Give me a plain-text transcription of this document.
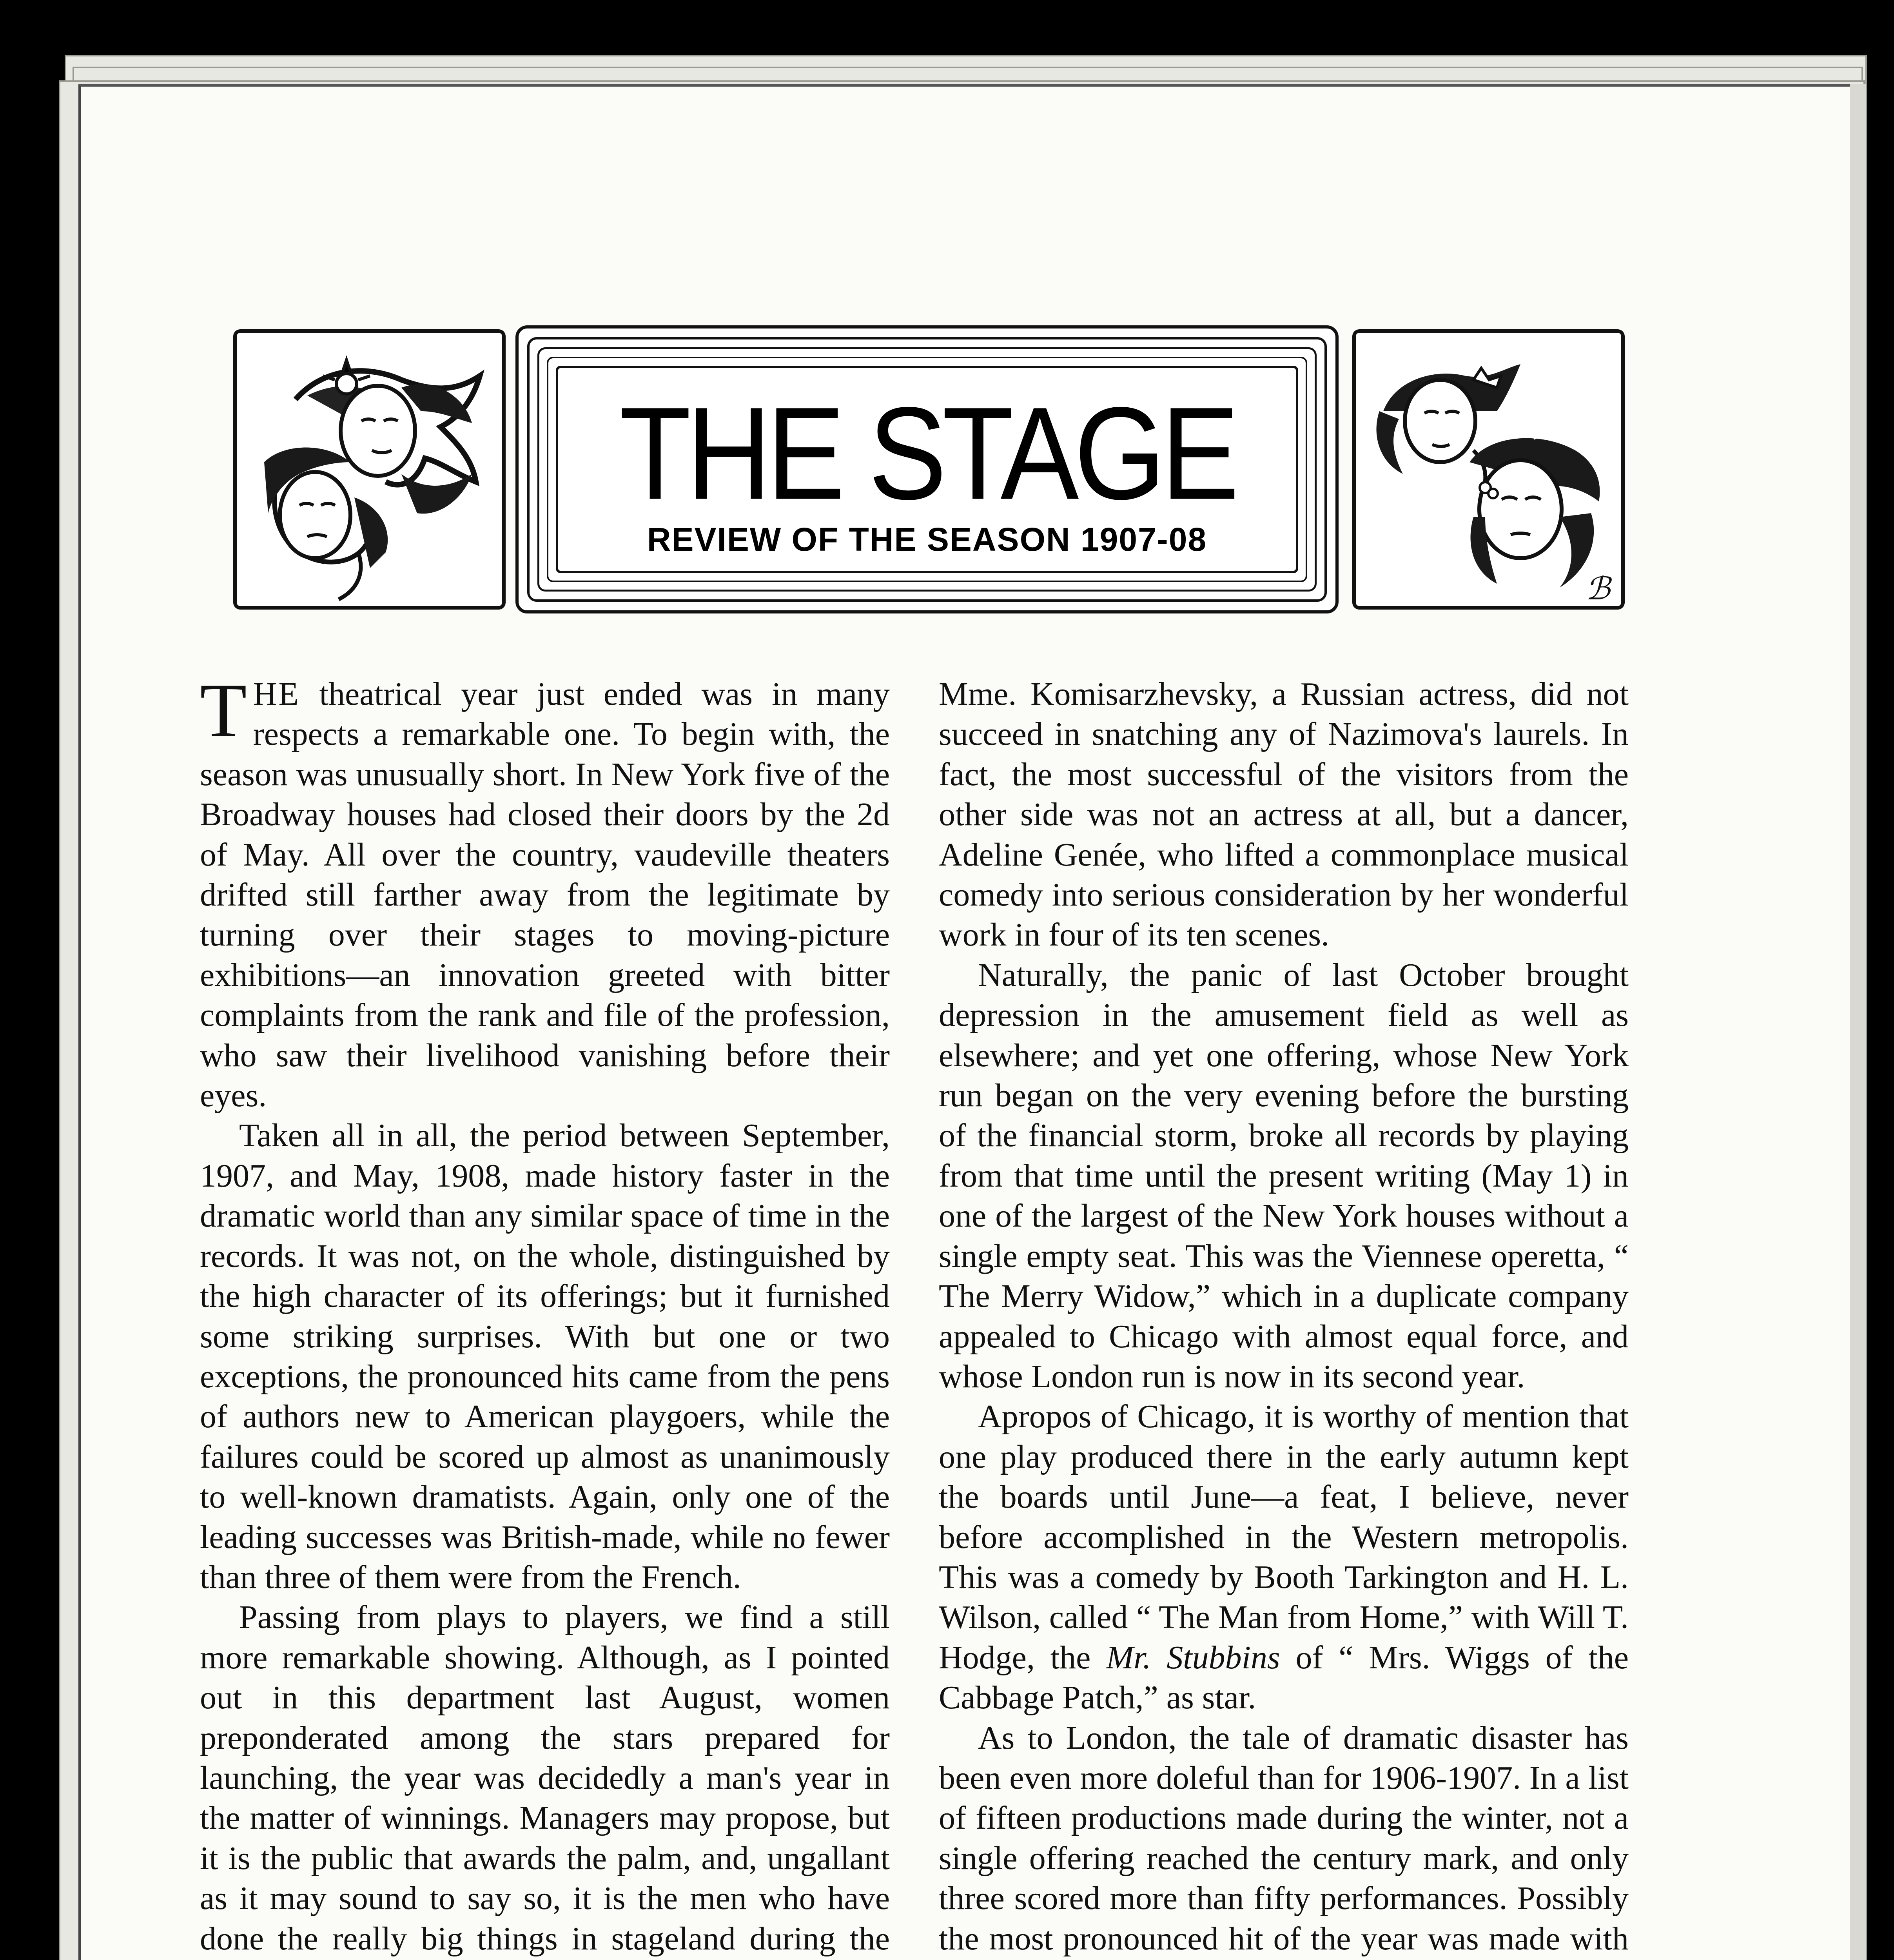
THE STAGE
REVIEW OF THE SEASON 1907-08
ℬ

THE theatrical year just ended was in many respects a remarkable one. To begin with, the season was unusually short. In New York five of the Broadway houses had closed their doors by the 2d of May. All over the country, vaudeville theaters drifted still farther away from the legitimate by turning over their stages to moving-picture exhibitions—an innovation greeted with bitter complaints from the rank and file of the profession, who saw their livelihood vanishing before their eyes.

Taken all in all, the period between September, 1907, and May, 1908, made history faster in the dramatic world than any similar space of time in the records. It was not, on the whole, distinguished by the high character of its offerings; but it furnished some striking surprises. With but one or two exceptions, the pronounced hits came from the pens of authors new to American playgoers, while the failures could be scored up almost as unanimously to well-known dramatists. Again, only one of the leading successes was British-made, while no fewer than three of them were from the French.

Passing from plays to players, we find a still more remarkable showing. Although, as I pointed out in this department last August, women preponderated among the stars prepared for launching, the year was decidedly a man's year in the matter of winnings. Managers may propose, but it is the public that awards the palm, and, ungallant as it may sound to say so, it is the men who have done the really big things in stageland during the

Mme. Komisarzhevsky, a Russian actress, did not succeed in snatching any of Nazimova's laurels. In fact, the most successful of the visitors from the other side was not an actress at all, but a dancer, Adeline Genée, who lifted a commonplace musical comedy into serious consideration by her wonderful work in four of its ten scenes.

Naturally, the panic of last October brought depression in the amusement field as well as elsewhere; and yet one offering, whose New York run began on the very evening before the bursting of the financial storm, broke all records by playing from that time until the present writing (May 1) in one of the largest of the New York houses without a single empty seat. This was the Viennese operetta, “ The Merry Widow,” which in a duplicate company appealed to Chicago with almost equal force, and whose London run is now in its second year.

Apropos of Chicago, it is worthy of mention that one play produced there in the early autumn kept the boards until June—a feat, I believe, never before accomplished in the Western metropolis. This was a comedy by Booth Tarkington and H. L. Wilson, called “ The Man from Home,” with Will T. Hodge, the Mr. Stubbins of “ Mrs. Wiggs of the Cabbage Patch,” as star.

As to London, the tale of dramatic disaster has been even more doleful than for 1906-1907. In a list of fifteen productions made during the winter, not a single offering reached the century mark, and only three scored more than fifty performances. Possibly the most pronounced hit of the year was made with
